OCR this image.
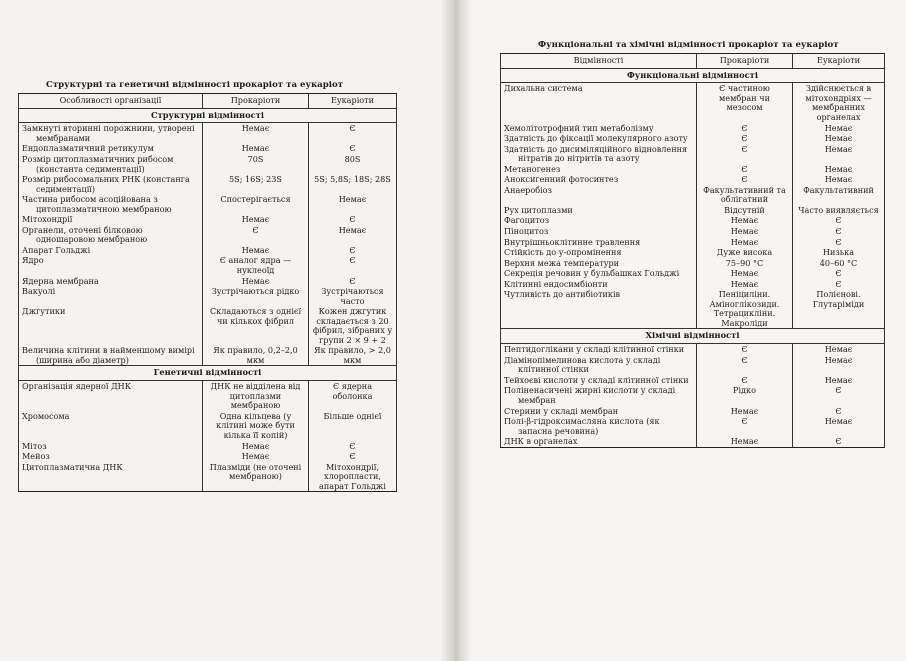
Структурні та генетичні відмінності прокаріот та еукаріот
Особливості організації	Прокаріоти	Еукаріоти
Структурні відмінності		

Замкнуті вторинні порожнини, утворені мембранами	Немає	Є

Ендоплазматичний ретикулум	Немає	Є

Розмір цитоплазматичних рибосом (константа седиментації)	70S	80S

Розмір рибосомальних РНК (констанга седиментації)	5S; 16S; 23S	5S; 5,8S; 18S; 28S

Частина рибосом асоційована з цитоплазматичною мембраною	Спостерігається	Немає

Мітохондрії	Немає	Є

Органели, оточені білковою одношаровою мембраною	Є	Немає

Апарат Гольджі	Немає	Є

Ядро	Є аналог ядра — нуклеоїд	Є

Ядерна мембрана	Немає	Є

Вакуолі	Зустрічаються рідко	Зустрічаються часто

Джгутики	Складаються з однієї чи кількох фібрил	Кожен джгутик складається з 20 фібрил, зібраних у групи 2 × 9 + 2

Величина клітини в найменшому вимірі (ширина або діаметр)	Як правило, 0,2–2,0 мкм	Як правило, > 2,0 мкм
Генетичні відмінності		

Організація ядерної ДНК	ДНК не відділена від цитоплазми мембраною	Є ядерна оболонка

Хромосома	Одна кільцева (у клітині може бути кілька її копій)	Більше однієї

Мітоз	Немає	Є

Мейоз	Немає	Є

Цитоплазматична ДНК	Плазміди (не оточені мембраною)	Мітохондрії, хлоропласти, апарат Гольджі
Функціональні та хімічні відмінності прокаріот та еукаріот
Відмінності	Прокаріоти	Еукаріоти
Функціональні відмінності		

Дихальна система	Є частиною мембран чи мезосом	Здійснюється в мітохондріях — мембранних органелах

Хемолітотрофний тип метаболізму	Є	Немає

Здатність до фіксації молекулярного азоту	Є	Немає

Здатність до дисиміляційного відновлення нітратів до нітритів та азоту	Є	Немає

Метаногенез	Є	Немає

Аноксигенний фотосинтез	Є	Немає

Анаеробіоз	Факультативний та облігатний	Факультативний

Рух цитоплазми	Відсутній	Часто виявляється

Фагоцитоз	Немає	Є

Піноцитоз	Немає	Є

Внутрішньоклітинне травлення	Немає	Є

Стійкість до у-опромінення	Дуже висока	Низька

Верхня межа температури	75–90 °С	40–60 °С

Секреція речовин у бульбашках Гольджі	Немає	Є

Клітинні ендосимбіонти	Немає	Є

Чутливість до антибіотиків	Пеніциліни. Аміноглікозиди. Тетрацикліни. Макроліди	Полієнові. Глутаріміди
Хімічні відмінності		

Пептидоглікани у складі клітинної стінки	Є	Немає

Діамінопімелинова кислота у складі клітинної стінки	Є	Немає

Тейхоєві кислоти у складі клітинної стінки	Є	Немає

Поліненасичені жирні кислоти у складі мембран	Рідко	Є

Стерини у складі мембран	Немає	Є

Полі-β-гідроксимасляна кислота (як запасна речовина)	Є	Немає

ДНК в органелах	Немає	Є
